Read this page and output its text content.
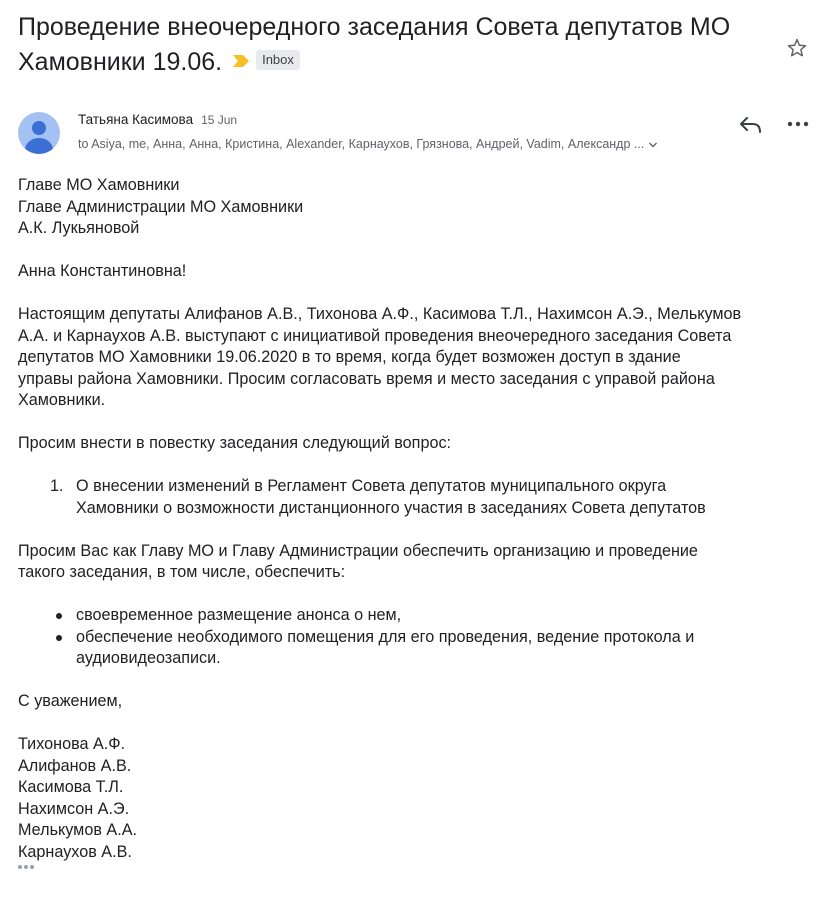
Проведение внеочередного заседания Совета депутатов МО
Хамовники 19.06.	Inbox
Татьяна Касимова 15 Jun
to Asiya, me, Анна, Анна, Кристина, Alexander, Карнаухов, Грязнова, Андрей, Vadim, Александр ...

Главе МО Хамовники

Главе Администрации МО Хамовники

А.К. Лукьяновой

Анна Константиновна!

Настоящим депутаты Алифанов А.В., Тихонова А.Ф., Касимова Т.Л., Нахимсон А.Э., Мелькумов

А.А. и Карнаухов А.В. выступают с инициативой проведения внеочередного заседания Совета

депутатов МО Хамовники 19.06.2020 в то время, когда будет возможен доступ в здание

управы района Хамовники. Просим согласовать время и место заседания с управой района

Хамовники.

Просим внести в повестку заседания следующий вопрос:

1. О внесении изменений в Регламент Совета депутатов муниципального округа

Хамовники о возможности дистанционного участия в заседаниях Совета депутатов

Просим Вас как Главу МО и Главу Администрации обеспечить организацию и проведение

такого заседания, в том числе, обеспечить:

своевременное размещение анонса о нем,

обеспечение необходимого помещения для его проведения, ведение протокола и

аудиовидеозаписи.

С уважением,

Тихонова А.Ф.

Алифанов А.В.

Касимова Т.Л.

Нахимсон А.Э.

Мелькумов А.А.

Карнаухов А.В.
